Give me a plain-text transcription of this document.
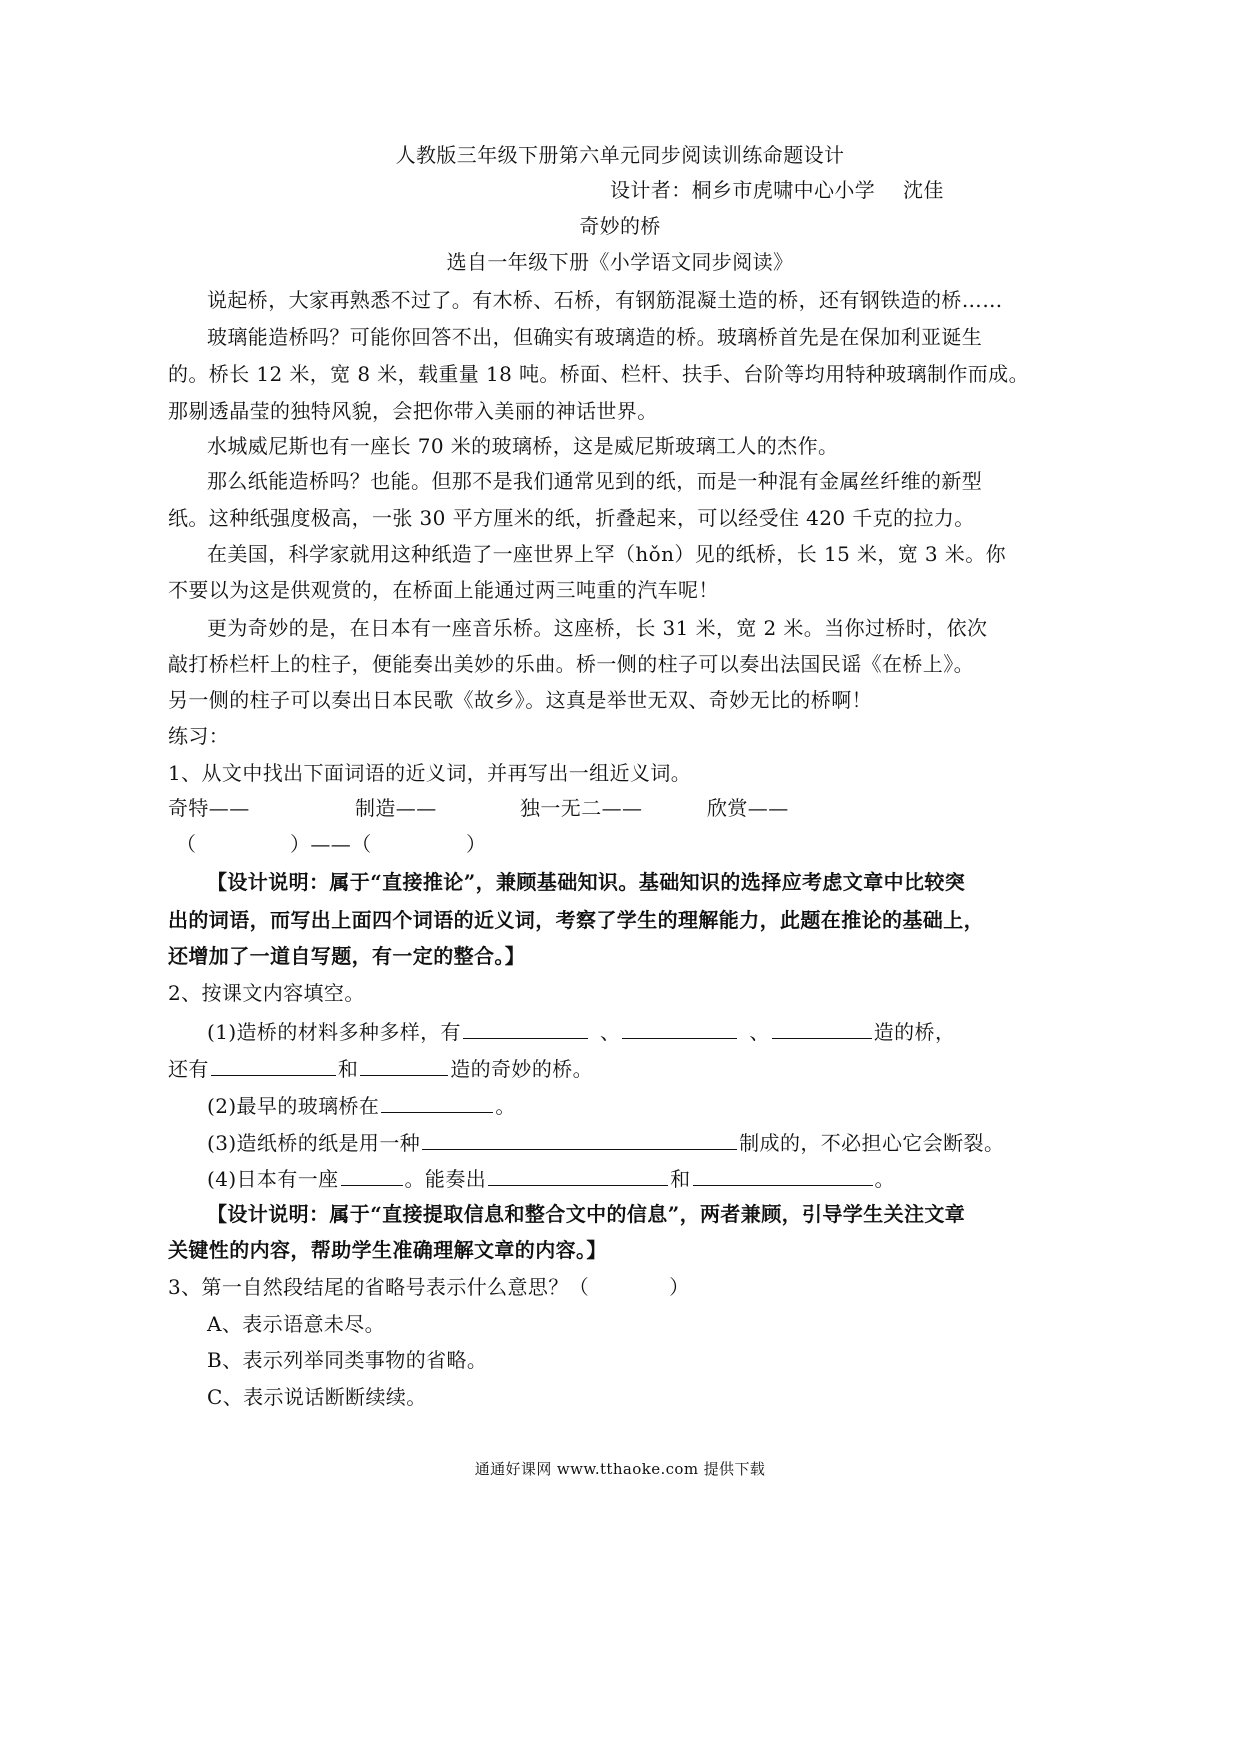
人教版三年级下册第六单元同步阅读训练命题设计
设计者：桐乡市虎啸中心小学 沈佳
奇妙的桥
选自一年级下册《小学语文同步阅读》
说起桥，大家再熟悉不过了。有木桥、石桥，有钢筋混凝土造的桥，还有钢铁造的桥……
玻璃能造桥吗？可能你回答不出，但确实有玻璃造的桥。玻璃桥首先是在保加利亚诞生
的。桥长 12 米，宽 8 米，载重量 18 吨。桥面、栏杆、扶手、台阶等均用特种玻璃制作而成。
那剔透晶莹的独特风貌，会把你带入美丽的神话世界。
水城威尼斯也有一座长 70 米的玻璃桥，这是威尼斯玻璃工人的杰作。
那么纸能造桥吗？也能。但那不是我们通常见到的纸，而是一种混有金属丝纤维的新型
纸。这种纸强度极高，一张 30 平方厘米的纸，折叠起来，可以经受住 420 千克的拉力。
在美国，科学家就用这种纸造了一座世界上罕（hǒn）见的纸桥，长 15 米，宽 3 米。你
不要以为这是供观赏的，在桥面上能通过两三吨重的汽车呢！
更为奇妙的是，在日本有一座音乐桥。这座桥，长 31 米，宽 2 米。当你过桥时，依次
敲打桥栏杆上的柱子，便能奏出美妙的乐曲。桥一侧的柱子可以奏出法国民谣《在桥上》。
另一侧的柱子可以奏出日本民歌《故乡》。这真是举世无双、奇妙无比的桥啊！
练习：
1、从文中找出下面词语的近义词，并再写出一组近义词。
奇特——	制造——	独一无二——	欣赏——
（	）——（	）
【设计说明：属于“直接推论”，兼顾基础知识。基础知识的选择应考虑文章中比较突
出的词语，而写出上面四个词语的近义词，考察了学生的理解能力，此题在推论的基础上，
还增加了一道自写题，有一定的整合。】
2、按课文内容填空。
(1)造桥的材料多种多样，有	、	、	造的桥，
还有	和	造的奇妙的桥。
(2)最早的玻璃桥在	。
(3)造纸桥的纸是用一种	制成的，不必担心它会断裂。
(4)日本有一座	。能奏出	和	。
【设计说明：属于“直接提取信息和整合文中的信息”，两者兼顾，引导学生关注文章
关键性的内容，帮助学生准确理解文章的内容。】
3、第一自然段结尾的省略号表示什么意思？（	）
A、表示语意未尽。
B、表示列举同类事物的省略。
C、表示说话断断续续。
通通好课网 www.tthaoke.com 提供下载
